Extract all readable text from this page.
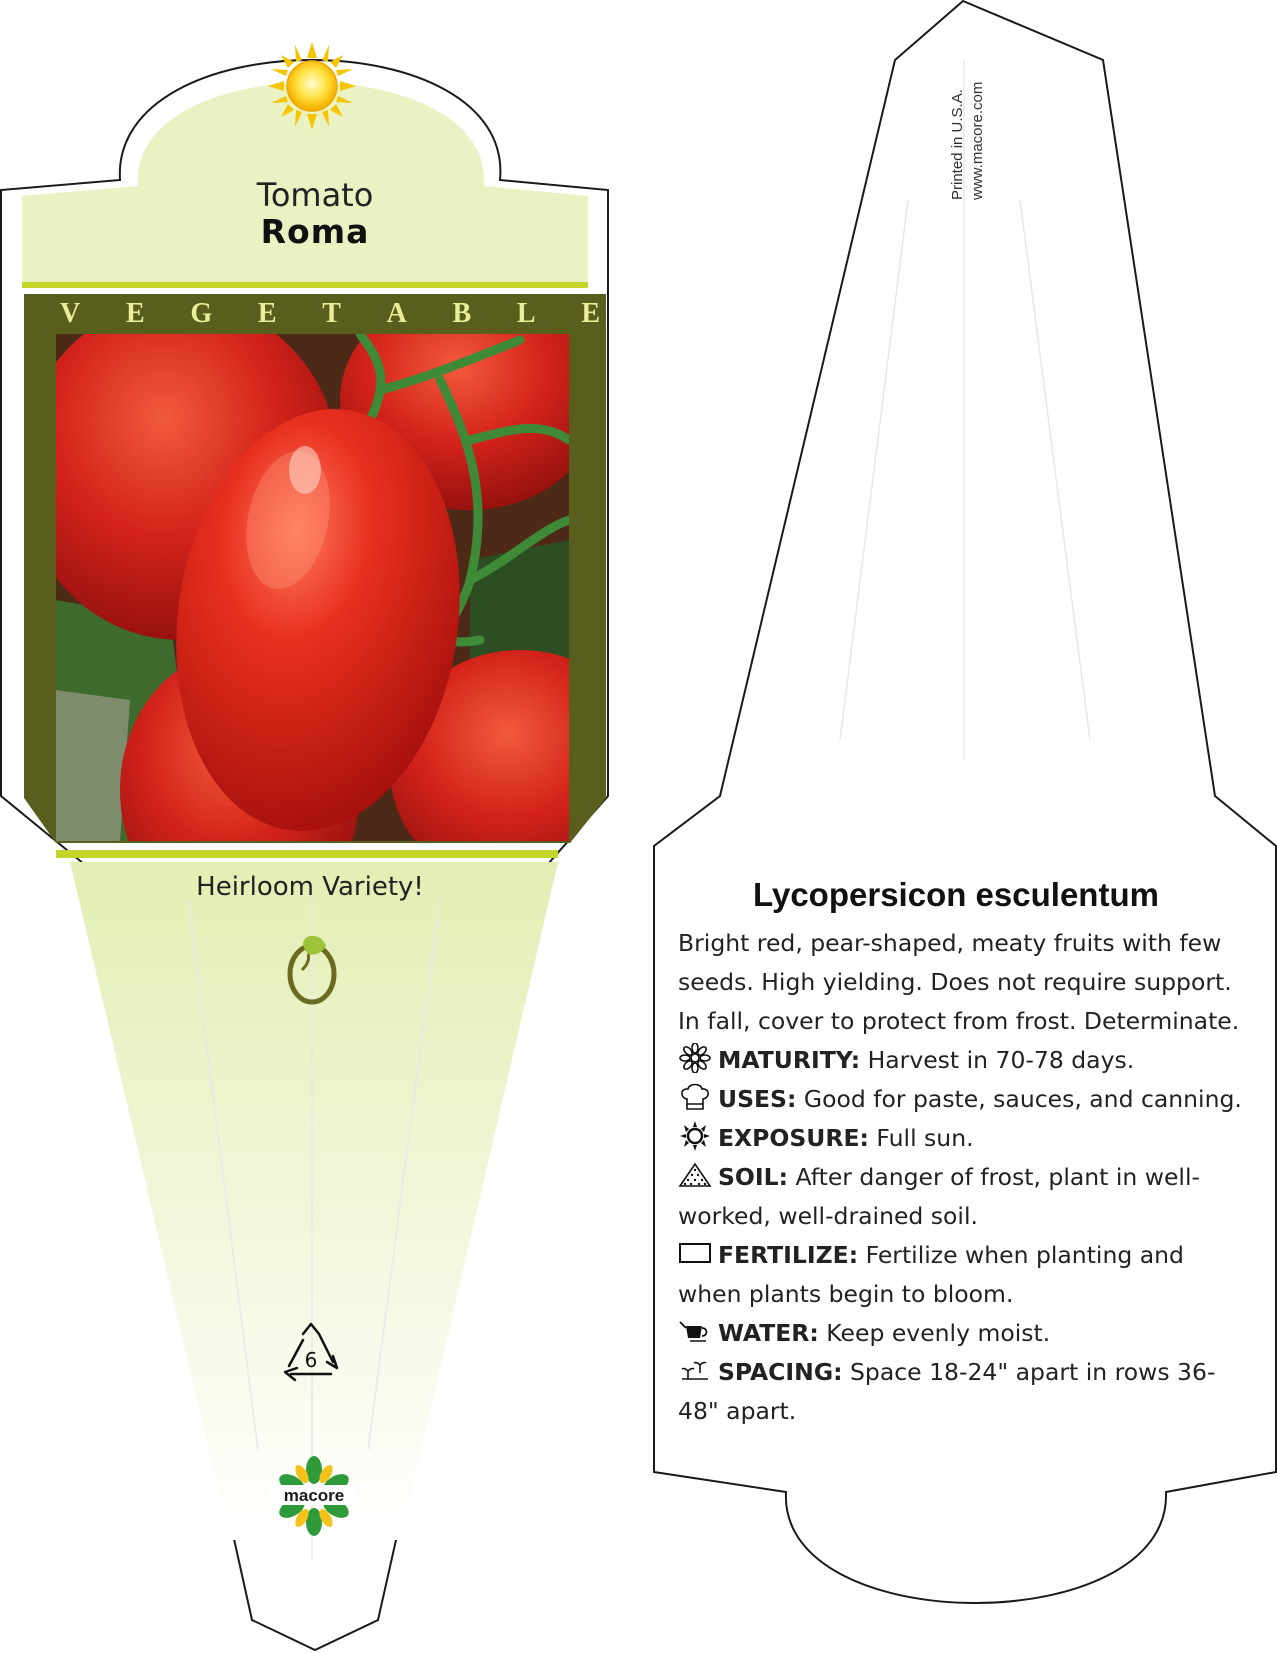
Tomato
Roma
V E G E T A B L E
Heirloom Variety!
6
macore
Printed in U.S.A. www.macore.com
Lycopersicon esculentum

Bright red, pear-shaped, meaty fruits with few seeds. High yielding. Does not require support. In fall, cover to protect from frost. Determinate.

MATURITY: Harvest in 70-78 days.

USES: Good for paste, sauces, and canning.

EXPOSURE: Full sun.

SOIL: After danger of frost, plant in well-worked, well-drained soil.

FERTILIZE: Fertilize when planting and when plants begin to bloom.

WATER: Keep evenly moist.

SPACING: Space 18-24" apart in rows 36-48" apart.
